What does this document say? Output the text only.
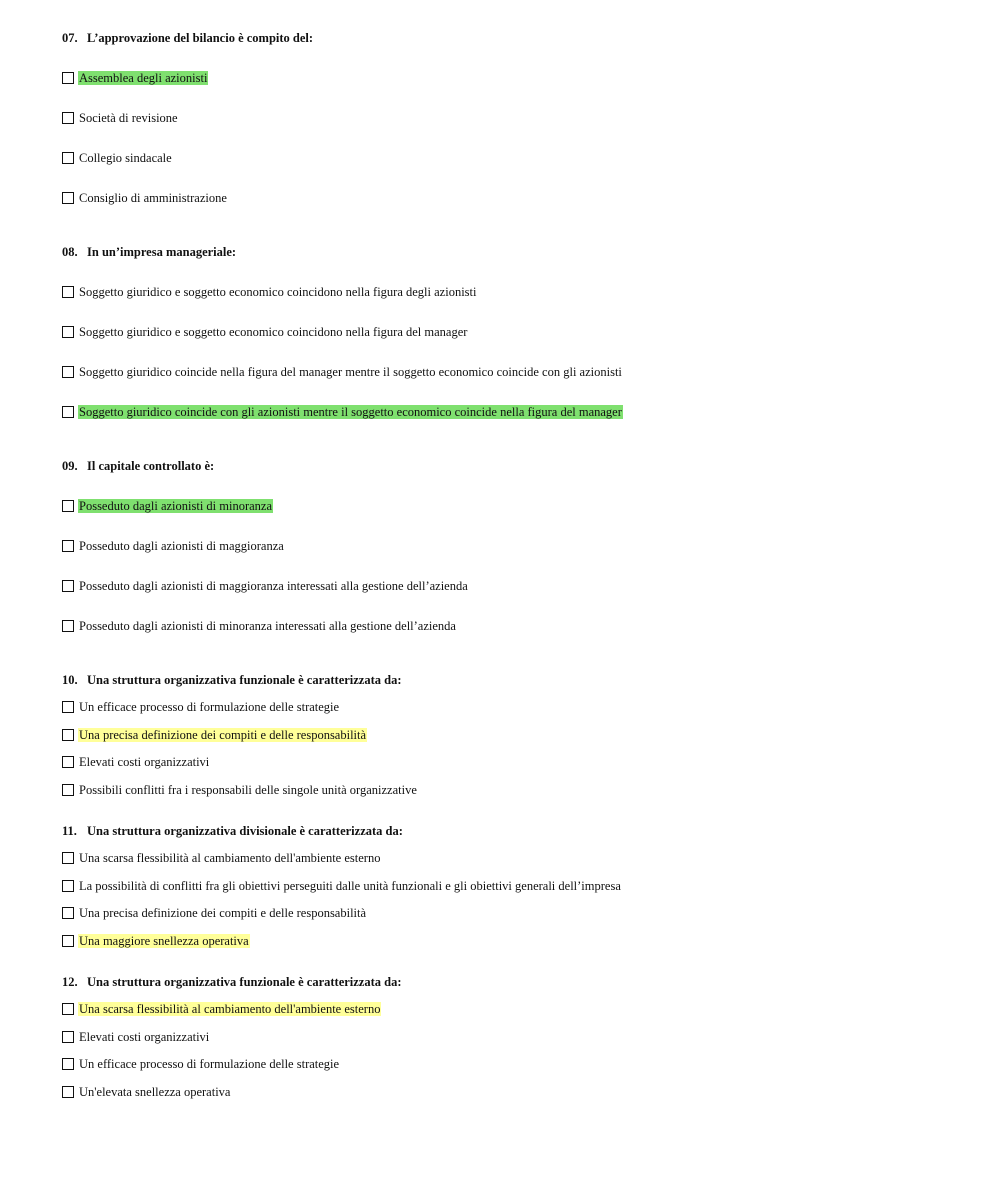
07. L’approvazione del bilancio è compito del:
Assemblea degli azionisti
Società di revisione
Collegio sindacale
Consiglio di amministrazione
08. In un’impresa manageriale:
Soggetto giuridico e soggetto economico coincidono nella figura degli azionisti
Soggetto giuridico e soggetto economico coincidono nella figura del manager
Soggetto giuridico coincide nella figura del manager mentre il soggetto economico coincide con gli azionisti
Soggetto giuridico coincide con gli azionisti mentre il soggetto economico coincide nella figura del manager
09. Il capitale controllato è:
Posseduto dagli azionisti di minoranza
Posseduto dagli azionisti di maggioranza
Posseduto dagli azionisti di maggioranza interessati alla gestione dell’azienda
Posseduto dagli azionisti di minoranza interessati alla gestione dell’azienda
10. Una struttura organizzativa funzionale è caratterizzata da:
Un efficace processo di formulazione delle strategie
Una precisa definizione dei compiti e delle responsabilità
Elevati costi organizzativi
Possibili conflitti fra i responsabili delle singole unità organizzative
11. Una struttura organizzativa divisionale è caratterizzata da:
Una scarsa flessibilità al cambiamento dell'ambiente esterno
La possibilità di conflitti fra gli obiettivi perseguiti dalle unità funzionali e gli obiettivi generali dell’impresa
Una precisa definizione dei compiti e delle responsabilità
Una maggiore snellezza operativa
12. Una struttura organizzativa funzionale è caratterizzata da:
Una scarsa flessibilità al cambiamento dell'ambiente esterno
Elevati costi organizzativi
Un efficace processo di formulazione delle strategie
Un'elevata snellezza operativa
